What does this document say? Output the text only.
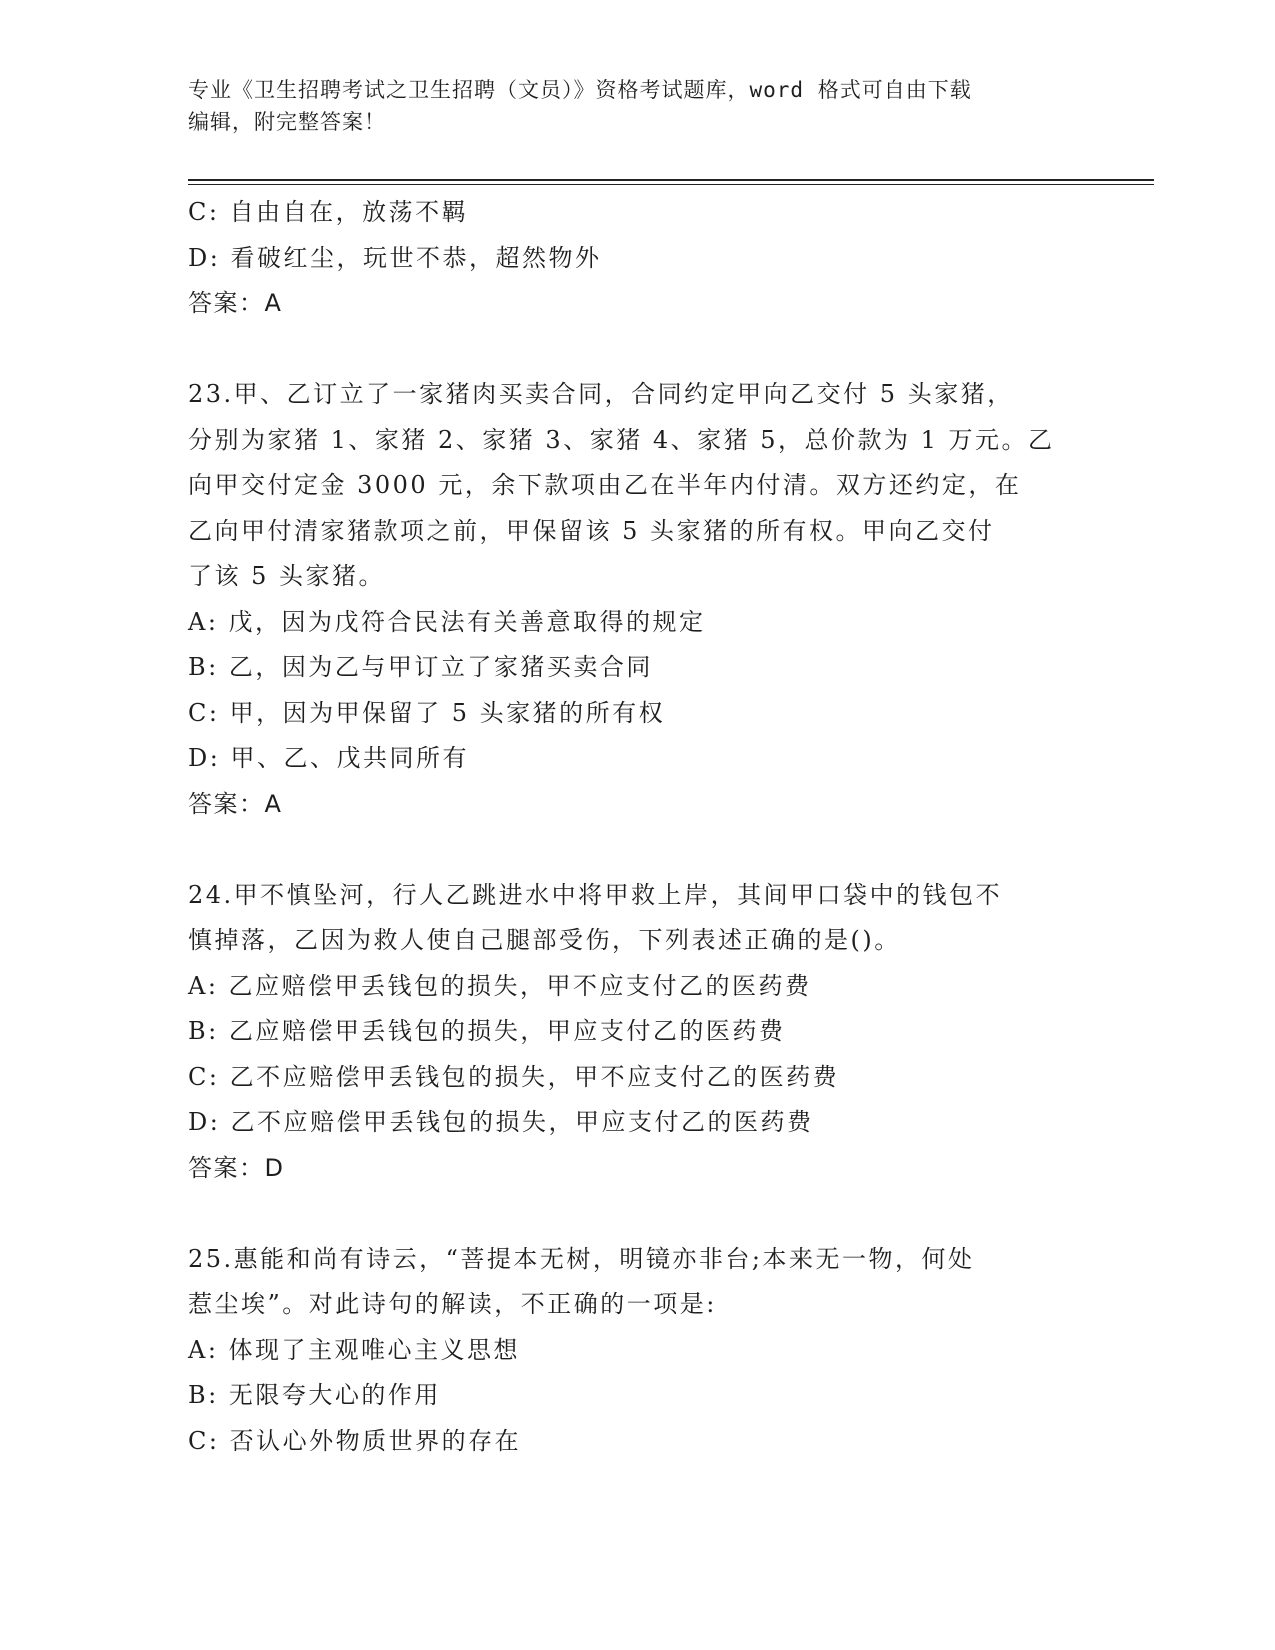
专业《卫生招聘考试之卫生招聘（文员）》资格考试题库，word 格式可自由下载
编辑，附完整答案！
C: 自由自在，放荡不羁
D: 看破红尘，玩世不恭，超然物外
答案：A
23.甲、乙订立了一家猪肉买卖合同，合同约定甲向乙交付 5 头家猪，
分别为家猪 1、家猪 2、家猪 3、家猪 4、家猪 5，总价款为 1 万元。乙
向甲交付定金 3000 元，余下款项由乙在半年内付清。双方还约定，在
乙向甲付清家猪款项之前，甲保留该 5 头家猪的所有权。甲向乙交付
了该 5 头家猪。
A: 戊，因为戊符合民法有关善意取得的规定
B: 乙，因为乙与甲订立了家猪买卖合同
C: 甲，因为甲保留了 5 头家猪的所有权
D: 甲、乙、戊共同所有
答案：A
24.甲不慎坠河，行人乙跳进水中将甲救上岸，其间甲口袋中的钱包不
慎掉落，乙因为救人使自己腿部受伤，下列表述正确的是()。
A: 乙应赔偿甲丢钱包的损失，甲不应支付乙的医药费
B: 乙应赔偿甲丢钱包的损失，甲应支付乙的医药费
C: 乙不应赔偿甲丢钱包的损失，甲不应支付乙的医药费
D: 乙不应赔偿甲丢钱包的损失，甲应支付乙的医药费
答案：D
25.惠能和尚有诗云，“菩提本无树，明镜亦非台;本来无一物，何处
惹尘埃”。对此诗句的解读，不正确的一项是:
A: 体现了主观唯心主义思想
B: 无限夸大心的作用
C: 否认心外物质世界的存在
